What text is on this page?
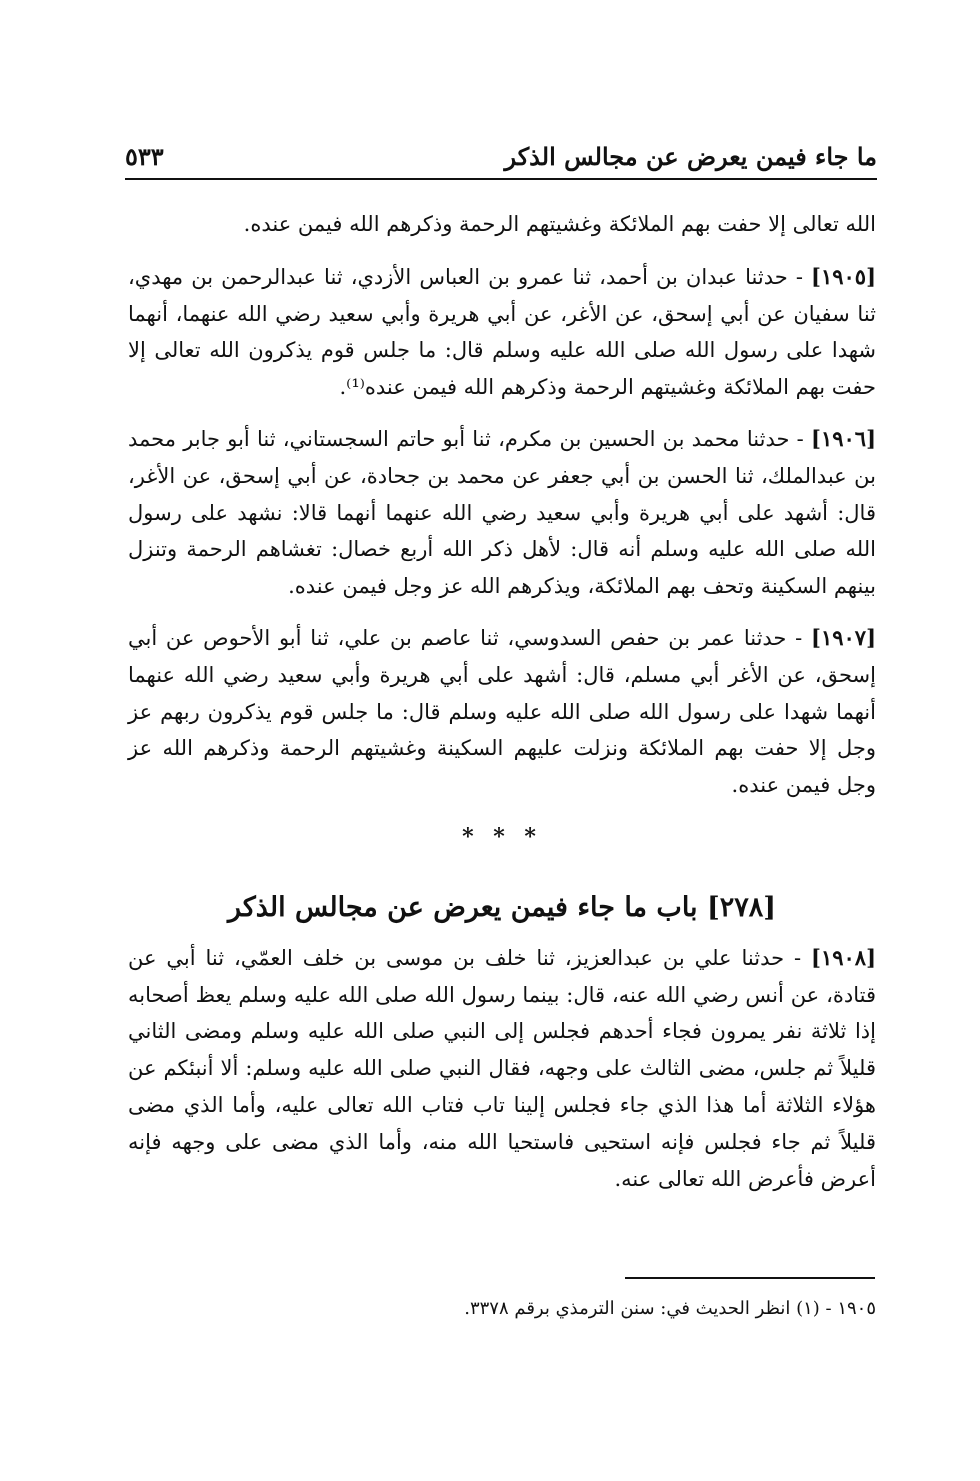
ما جاء فيمن يعرض عن مجالس الذكر
٥٣٣

الله تعالى إلا حفت بهم الملائكة وغشيتهم الرحمة وذكرهم الله فيمن عنده.

[١٩٠٥] - حدثنا عبدان بن أحمد، ثنا عمرو بن العباس الأزدي، ثنا عبدالرحمن بن مهدي، ثنا سفيان عن أبي إسحق، عن الأغر، عن أبي هريرة وأبي سعيد رضي الله عنهما، أنهما شهدا على رسول الله صلى الله عليه وسلم قال: ما جلس قوم يذكرون الله تعالى إلا حفت بهم الملائكة وغشيتهم الرحمة وذكرهم الله فيمن عنده⁽¹⁾.

[١٩٠٦] - حدثنا محمد بن الحسين بن مكرم، ثنا أبو حاتم السجستاني، ثنا أبو جابر محمد بن عبدالملك، ثنا الحسن بن أبي جعفر عن محمد بن جحادة، عن أبي إسحق، عن الأغر، قال: أشهد على أبي هريرة وأبي سعيد رضي الله عنهما أنهما قالا: نشهد على رسول الله صلى الله عليه وسلم أنه قال: لأهل ذكر الله أربع خصال: تغشاهم الرحمة وتنزل بينهم السكينة وتحف بهم الملائكة، ويذكرهم الله عز وجل فيمن عنده.

[١٩٠٧] - حدثنا عمر بن حفص السدوسي، ثنا عاصم بن علي، ثنا أبو الأحوص عن أبي إسحق، عن الأغر أبي مسلم، قال: أشهد على أبي هريرة وأبي سعيد رضي الله عنهما أنهما شهدا على رسول الله صلى الله عليه وسلم قال: ما جلس قوم يذكرون ربهم عز وجل إلا حفت بهم الملائكة ونزلت عليهم السكينة وغشيتهم الرحمة وذكرهم الله عز وجل فيمن عنده.

* * *
[٢٧٨] باب ما جاء فيمن يعرض عن مجالس الذكر

[١٩٠٨] - حدثنا علي بن عبدالعزيز، ثنا خلف بن موسى بن خلف العمّي، ثنا أبي عن قتادة، عن أنس رضي الله عنه، قال: بينما رسول الله صلى الله عليه وسلم يعظ أصحابه إذا ثلاثة نفر يمرون فجاء أحدهم فجلس إلى النبي صلى الله عليه وسلم ومضى الثاني قليلاً ثم جلس، مضى الثالث على وجهه، فقال النبي صلى الله عليه وسلم: ألا أنبئكم عن هؤلاء الثلاثة أما هذا الذي جاء فجلس إلينا تاب فتاب الله تعالى عليه، وأما الذي مضى قليلاً ثم جاء فجلس فإنه استحيى فاستحيا الله منه، وأما الذي مضى على وجهه فإنه أعرض فأعرض الله تعالى عنه.

١٩٠٥ - (١) انظر الحديث في: سنن الترمذي برقم ٣٣٧٨.
